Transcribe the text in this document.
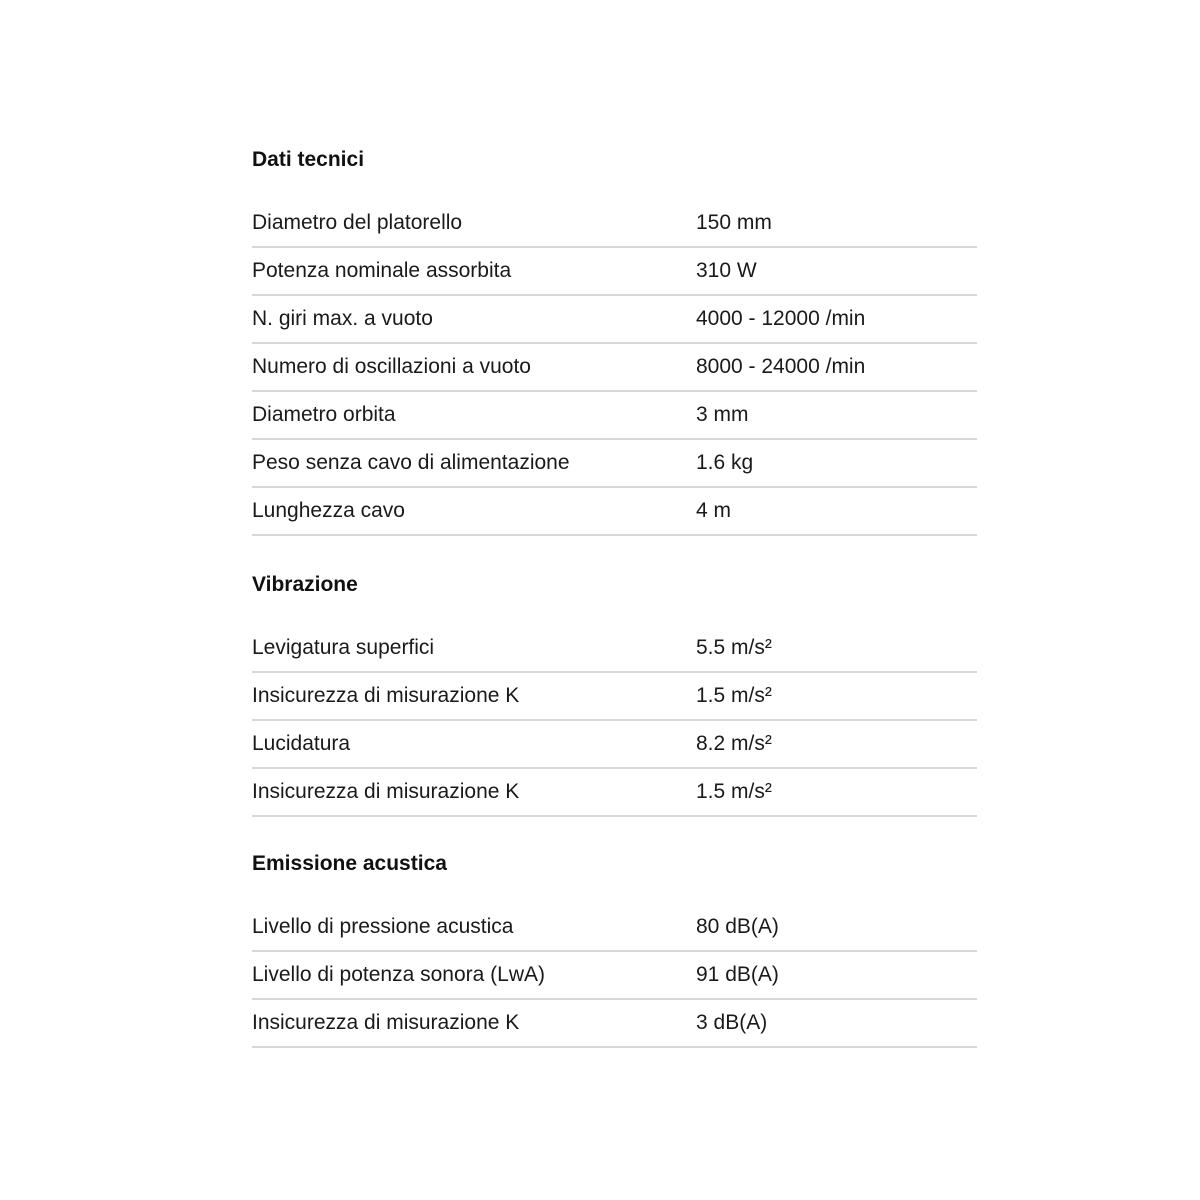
Dati tecnici
Diametro del platorello	150 mm
Potenza nominale assorbita	310 W
N. giri max. a vuoto	4000 - 12000 /min
Numero di oscillazioni a vuoto	8000 - 24000 /min
Diametro orbita	3 mm
Peso senza cavo di alimentazione	1.6 kg
Lunghezza cavo	4 m
Vibrazione
Levigatura superfici	5.5 m/s²
Insicurezza di misurazione K	1.5 m/s²
Lucidatura	8.2 m/s²
Insicurezza di misurazione K	1.5 m/s²
Emissione acustica
Livello di pressione acustica	80 dB(A)
Livello di potenza sonora (LwA)	91 dB(A)
Insicurezza di misurazione K	3 dB(A)
